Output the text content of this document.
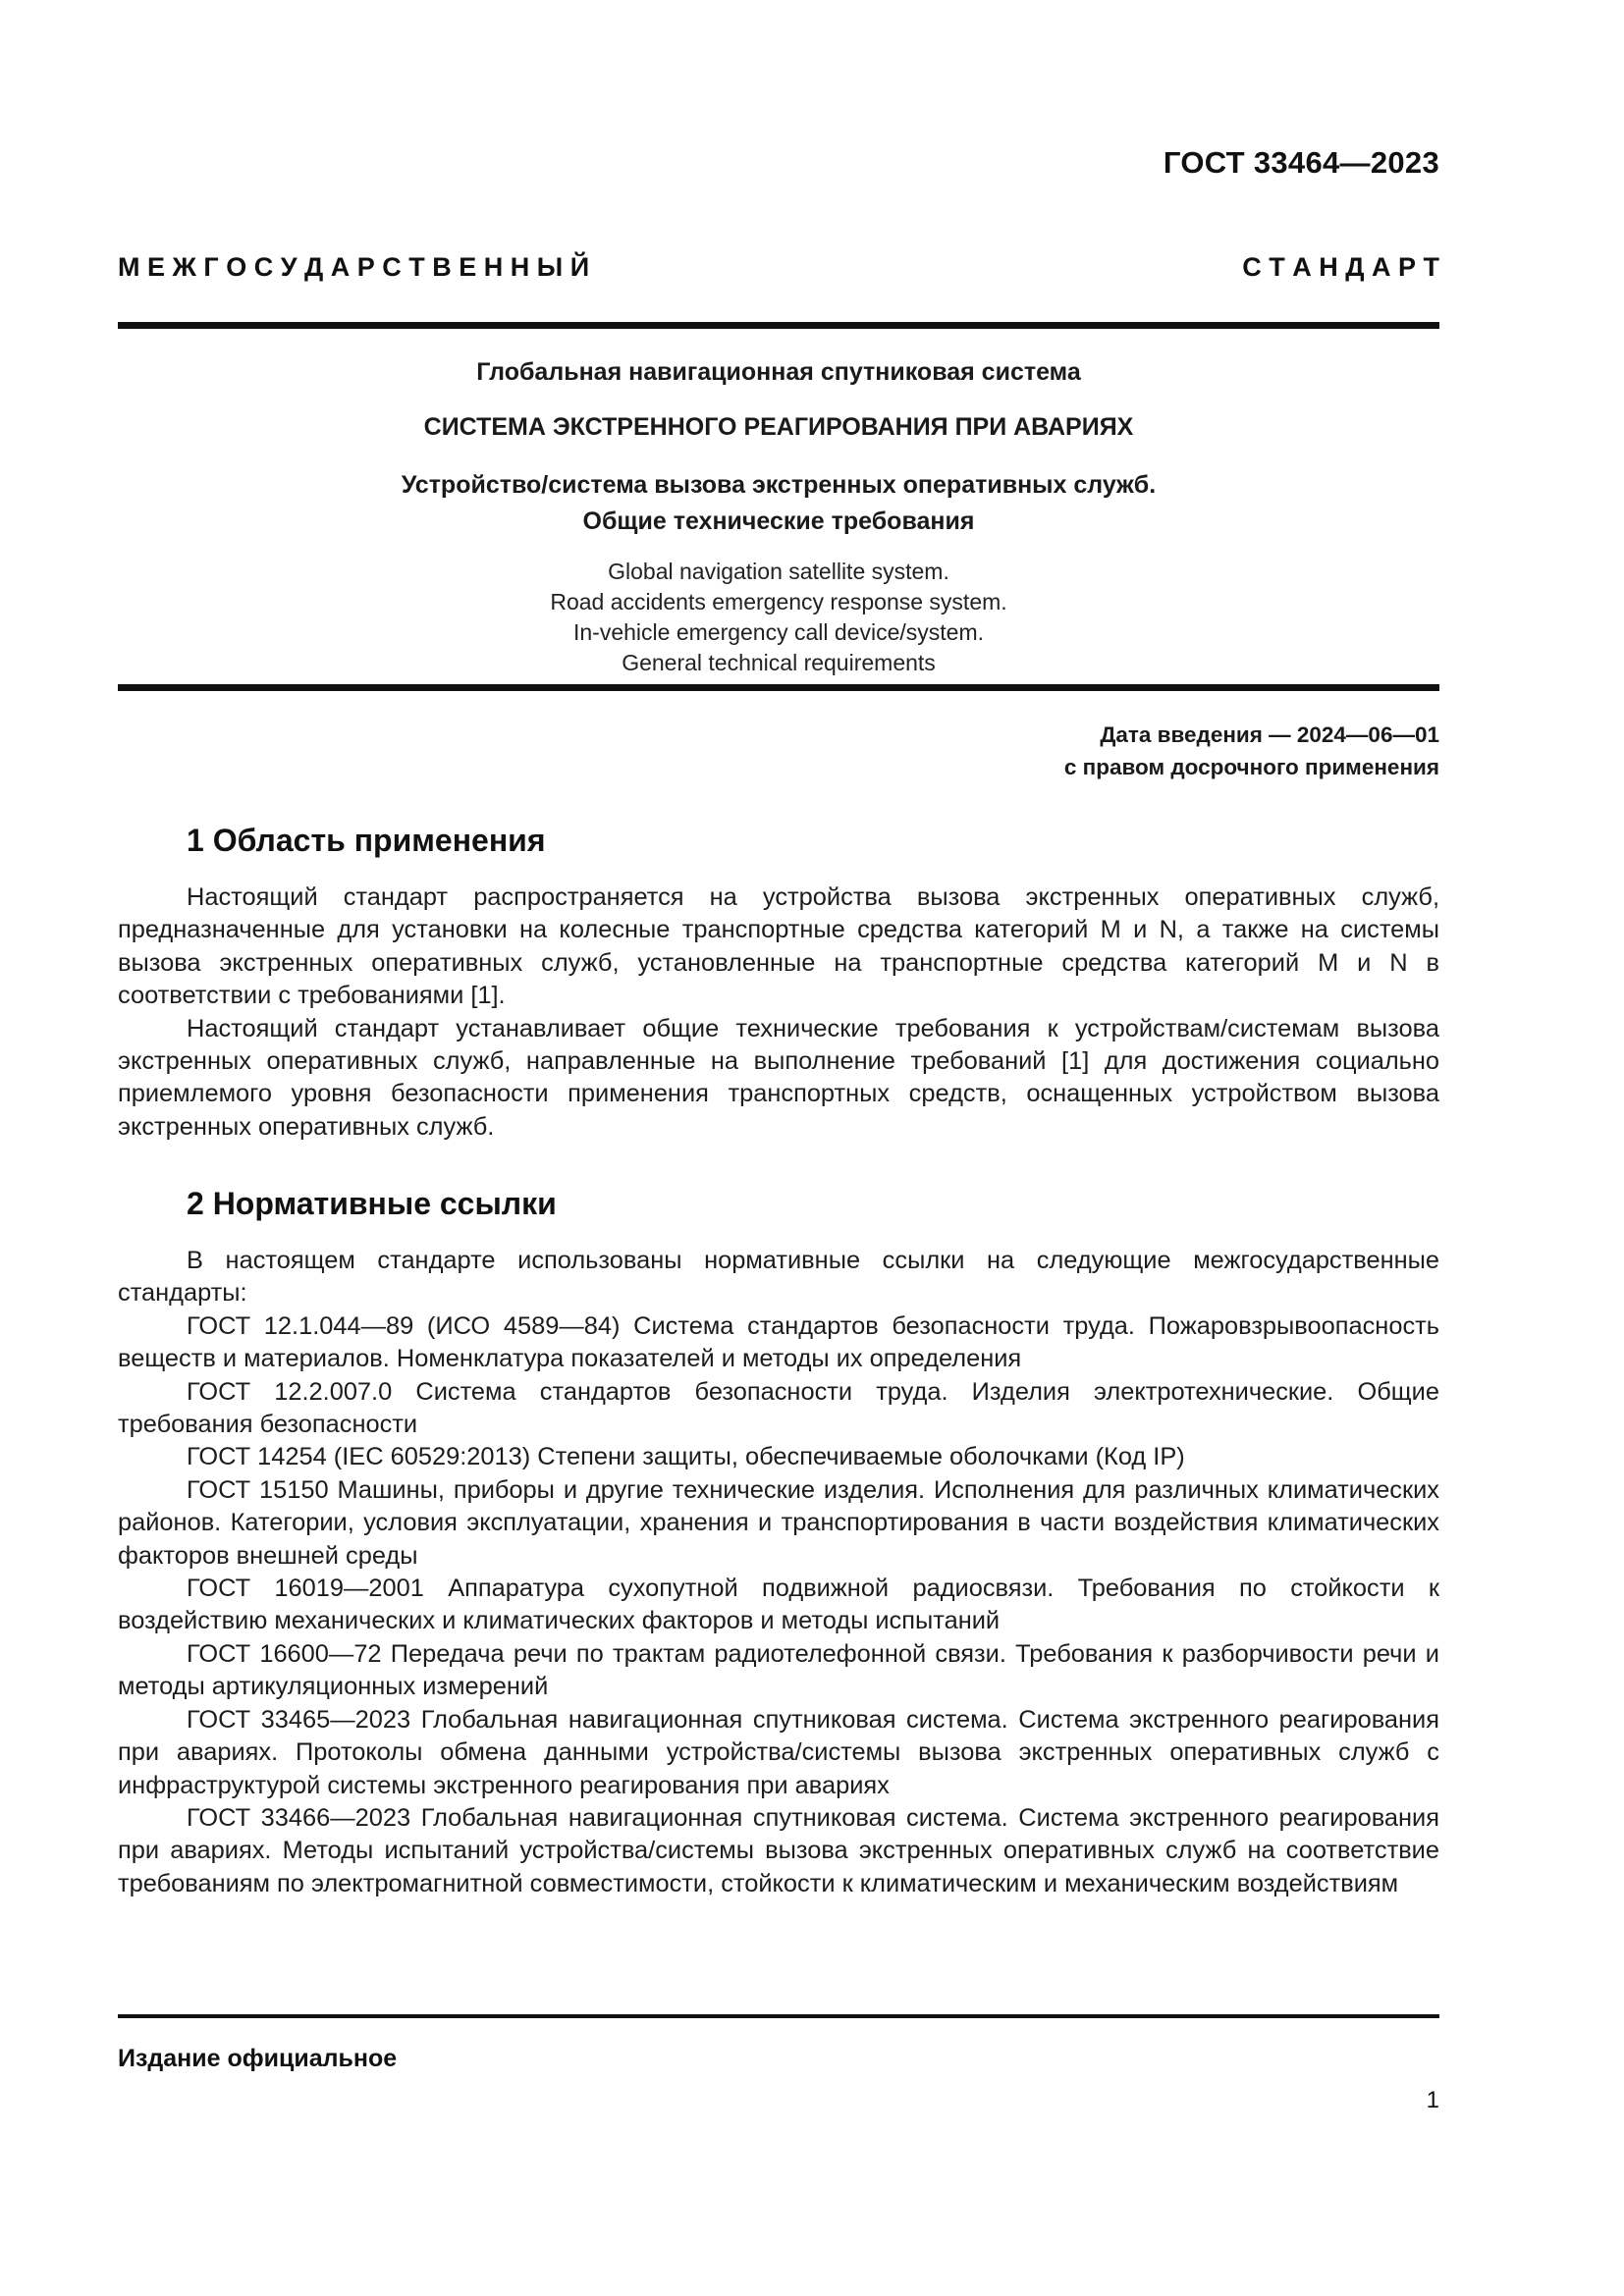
ГОСТ 33464—2023
М Е Ж Г О С У Д А Р С Т В Е Н Н Ы Й	С Т А Н Д А Р Т
Глобальная навигационная спутниковая система
СИСТЕМА ЭКСТРЕННОГО РЕАГИРОВАНИЯ ПРИ АВАРИЯХ
Устройство/система вызова экстренных оперативных служб.
Общие технические требования
Global navigation satellite system.
Road accidents emergency response system.
In-vehicle emergency call device/system.
General technical requirements
Дата введения — 2024—06—01
с правом досрочного применения
1 Область применения

Настоящий стандарт распространяется на устройства вызова экстренных оперативных служб, предназначенные для установки на колесные транспортные средства категорий M и N, а также на системы вызова экстренных оперативных служб, установленные на транспортные средства категорий M и N в соответствии с требованиями [1].

Настоящий стандарт устанавливает общие технические требования к устройствам/системам вызова экстренных оперативных служб, направленные на выполнение требований [1] для достижения социально приемлемого уровня безопасности применения транспортных средств, оснащенных устройством вызова экстренных оперативных служб.

2 Нормативные ссылки

В настоящем стандарте использованы нормативные ссылки на следующие межгосударственные стандарты:

ГОСТ 12.1.044—89 (ИСО 4589—84) Система стандартов безопасности труда. Пожаровзрывоопасность веществ и материалов. Номенклатура показателей и методы их определения

ГОСТ 12.2.007.0 Система стандартов безопасности труда. Изделия электротехнические. Общие требования безопасности

ГОСТ 14254 (IEC 60529:2013) Степени защиты, обеспечиваемые оболочками (Код IP)

ГОСТ 15150 Машины, приборы и другие технические изделия. Исполнения для различных климатических районов. Категории, условия эксплуатации, хранения и транспортирования в части воздействия климатических факторов внешней среды

ГОСТ 16019—2001 Аппаратура сухопутной подвижной радиосвязи. Требования по стойкости к воздействию механических и климатических факторов и методы испытаний

ГОСТ 16600—72 Передача речи по трактам радиотелефонной связи. Требования к разборчивости речи и методы артикуляционных измерений

ГОСТ 33465—2023 Глобальная навигационная спутниковая система. Система экстренного реагирования при авариях. Протоколы обмена данными устройства/системы вызова экстренных оперативных служб с инфраструктурой системы экстренного реагирования при авариях

ГОСТ 33466—2023 Глобальная навигационная спутниковая система. Система экстренного реагирования при авариях. Методы испытаний устройства/системы вызова экстренных оперативных служб на соответствие требованиям по электромагнитной совместимости, стойкости к климатическим и механическим воздействиям

Издание официальное
1
